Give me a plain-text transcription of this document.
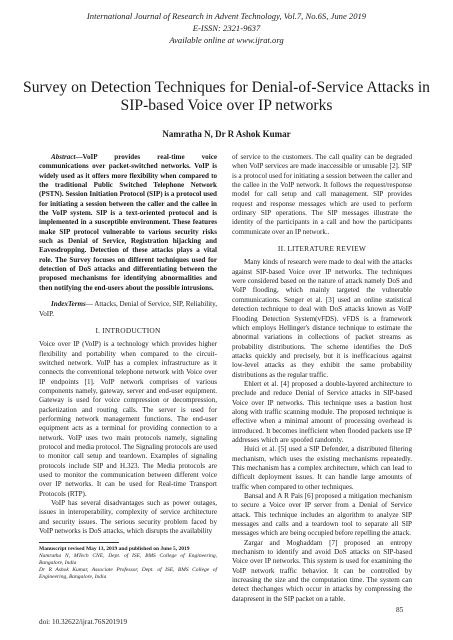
International Journal of Research in Advent Technology, Vol.7, No.6S, June 2019
E-ISSN: 2321-9637
Available online at www.ijrat.org
Survey on Detection Techniques for Denial-of-Service Attacks in SIP-based Voice over IP networks
Namratha N, Dr R Ashok Kumar

Abstract—VoIP provides real-time voice communications over packet-switched networks. VoIP is widely used as it offers more flexibility when compared to the traditional Public Switched Telephone Network (PSTN). Session Initiation Protocol (SIP) is a protocol used for initiating a session between the caller and the callee in the VoIP system. SIP is a text-oriented protocol and is implemented in a susceptible environment. These features make SIP protocol vulnerable to various security risks such as Denial of Service, Registration hijacking and Eavesdropping. Detection of these attacks plays a vital role. The Survey focuses on different techniques used for detection of DoS attacks and differentiating between the proposed mechanisms for identifying abnormalities and then notifying the end-users about the possible intrusions.

IndexTerms— Attacks, Denial of Service, SIP, Reliability, VoIP.

I. INTRODUCTION

Voice over IP (VoIP) is a technology which provides higher flexibility and portability when compared to the circuit-switched network. VoIP has a complex infrastructure as it connects the conventional telephone network with Voice over IP endpoints [1]. VoIP network comprises of various components namely, gateway, server and end-user equipment. Gateway is used for voice compression or decompression, packetization and routing calls. The server is used for performing network management functions. The end-user equipment acts as a terminal for providing connection to a network. VoIP uses two main protocols namely, signaling protocol and media protocol. The Signaling protocols are used to monitor call setup and teardown. Examples of signaling protocols include SIP and H.323. The Media protocols are used to monitor the communication between different voice over IP networks. It can be used for Real-time Transport Protocols (RTP).

VoIP has several disadvantages such as power outages, issues in interoperability, complexity of service architecture and security issues. The serious security problem faced by VoIP networks is DoS attacks, which disrupts the availability

Manuscript revised May 13, 2019 and published on June 5, 2019
Namratha N, MTech CNE, Dept. of ISE, BMS College of Engineering, Bangalore, India
Dr R Ashok Kumar, Associate Professor, Dept. of ISE, BMS College of Engineering, Bangalore, India

of service to the customers. The call quality can be degraded when VoIP services are made inaccessible or unusable [2]. SIP is a protocol used for initiating a session between the caller and the callee in the VoIP network. It follows the request/response model for call setup and call management. SIP provides request and response messages which are used to perform ordinary SIP operations. The SIP messages illustrate the identity of the participants in a call and how the participants communicate over an IP network..

II. LITERATURE REVIEW

Many kinds of research were made to deal with the attacks against SIP-based Voice over IP networks. The techniques were considered based on the nature of attack namely DoS and VoIP flooding, which mainly targeted the vulnerable communications. Senger et al. [3] used an online statistical detection technique to deal with DoS attacks known as VoIP Flooding Detection System(vFDS). vFDS is a framework which employs Hellinger's distance technique to estimate the abnormal variations in collections of packet streams as probability distributions. The scheme identifies the DoS attacks quickly and precisely, but it is inefficacious against low-level attacks as they exhibit the same probability distributions as the regular traffic.

Ehlert et al. [4] proposed a double-layered architecture to preclude and reduce Denial of Service attacks in SIP-based Voice over IP networks. This technique uses a bastion host along with traffic scanning module. The proposed technique is effective when a minimal amount of processing overhead is introduced. It becomes inefficient when flooded packets use IP addresses which are spoofed randomly.

Huici et al. [5] used a SIP Defender, a distributed filtering mechanism, which uses the existing mechanisms repeatedly. This mechanism has a complex architecture, which can lead to difficult deployment issues. It can handle large amounts of traffic when compared to other techniques.

Bansal and A R Pais [6] proposed a mitigation mechanism to secure a Voice over IP server from a Denial of Service attack. This technique includes an algorithm to analyze SIP messages and calls and a teardown tool to separate all SIP messages which are being occupied before repelling the attack.

Zargar and Moghaddam [7] proposed an entropy mechanism to identify and avoid DoS attacks on SIP-based Voice over IP networks. This system is used for examining the VoIP network traffic behavior. It can be controlled by increasing the size and the computation time. The system can detect thechanges which occur in attacks by compressing the datapresent in the SIP packet on a table.

85
doi: 10.32622/ijrat.76S201919
